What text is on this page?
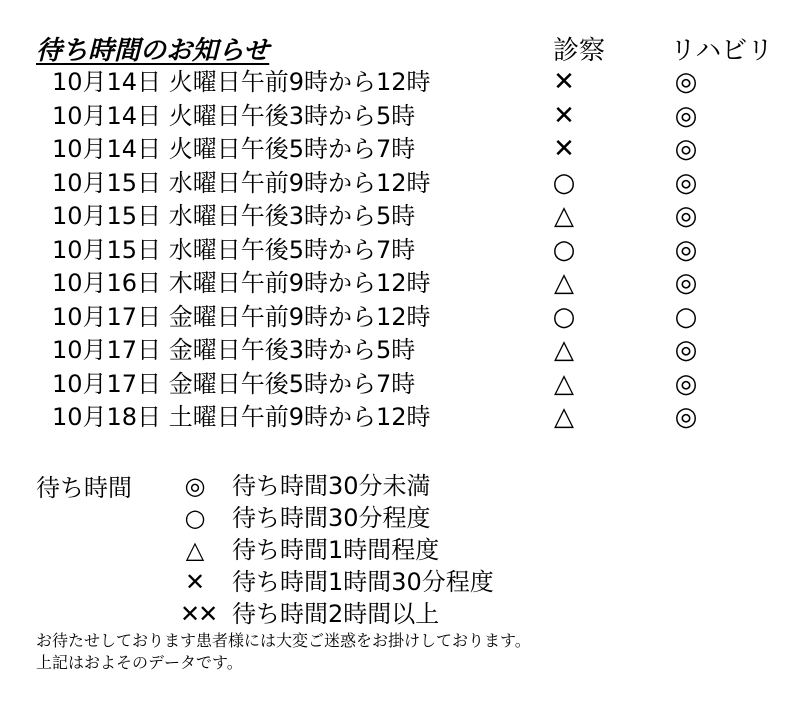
待ち時間のお知らせ	診察 リハビリ
10月14日 火曜日午前9時から12時	✕	◎
10月14日 火曜日午後3時から5時	✕	◎
10月14日 火曜日午後5時から7時	✕	◎
10月15日 水曜日午前9時から12時	○	◎
10月15日 水曜日午後3時から5時	△	◎
10月15日 水曜日午後5時から7時	○	◎
10月16日 木曜日午前9時から12時	△	◎
10月17日 金曜日午前9時から12時	○	○
10月17日 金曜日午後3時から5時	△	◎
10月17日 金曜日午後5時から7時	△	◎
10月18日 土曜日午前9時から12時	△	◎
待ち時間 ◎ 待ち時間30分未満
○ 待ち時間30分程度
△ 待ち時間1時間程度
✕ 待ち時間1時間30分程度
✕✕ 待ち時間2時間以上
お待たせしております患者様には大変ご迷惑をお掛けしております。
上記はおよそのデータです。
